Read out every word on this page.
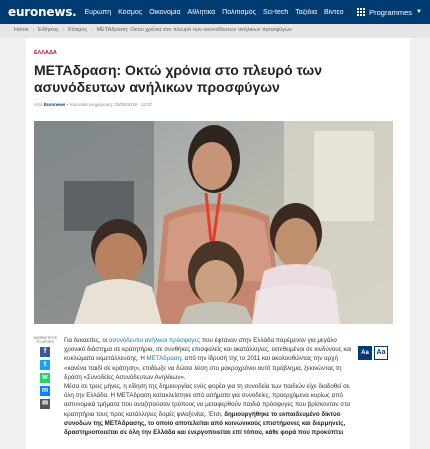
euronews. Ευρώπη Κόσμος Οικονομία Αθλητικά Πολιτισμός Sci-tech Ταξίδια Βίντεο	Programmes ▼
Home › Ειδήσεις › Κόσμος › METAδραση: Οκτώ χρόνια στο πλευρό των ασυνόδευτων ανήλικων προσφύγων
ΕΛΛΑΔΑ
METAδραση: Οκτώ χρόνια στο πλευρό των ασυνόδευτων ανήλικων προσφύγων
Από Euronews • τελευταία ενημέρωση: 20/06/2018 - 13:37
ΜΟΙΡΑΣΤΕΙΤΕ ΤΟ ΑΡΘΡΟ
f
t
w
m
✉

Για δεκαετίες, οι ασυνόδευτοι ανήλικοι πρόσφυγες που έφταναν στην Ελλάδα παρέμεναν για μεγάλο χρονικό διάστημα σε κρατητήρια, σε συνθήκες επισφαλείς και ακατάλληλες, εκτεθειμένοι σε κινδύνους και κυκλώματα εκμετάλλευσης. Η METAδραση, από την ίδρυσή της το 2011 και ακολουθώντας την αρχή «κανένα παιδί σε κράτηση», επιδίωξε να δώσει λύση στο μακροχρόνιο αυτό πρόβλημα, ξεκινώντας τη δράση «Συνοδείες Ασυνόδευτων Ανηλίκων».

Μέσα σε τρεις μήνες, η είδηση της δημιουργίας ενός φορέα για τη συνοδεία των παιδιών είχε διαδοθεί σε όλη την Ελλάδα. Η ΜΕΤΑδραση κατακλείστηκε από αιτήματα για συνοδείες, προερχόμενα κυρίως από αστυνομικά τμήματα που αναζητούσαν τρόπους να μεταφερθούν παιδιά πρόσφυγες που βρίσκονταν στα κρατητήρια τους προς κατάλληλες δομές φιλοξενίας. Έτσι, δημιουργήθηκε το εκπαιδευμένο δίκτυο συνοδών της METAδρασης, το οποίο αποτελείται από κοινωνικούς επιστήμονες και διερμηνείς, δραστηριοποιείται σε όλη την Ελλάδα και ενεργοποιείται επί τόπου, κάθε φορά που προκύπτει

Aa	Aa
